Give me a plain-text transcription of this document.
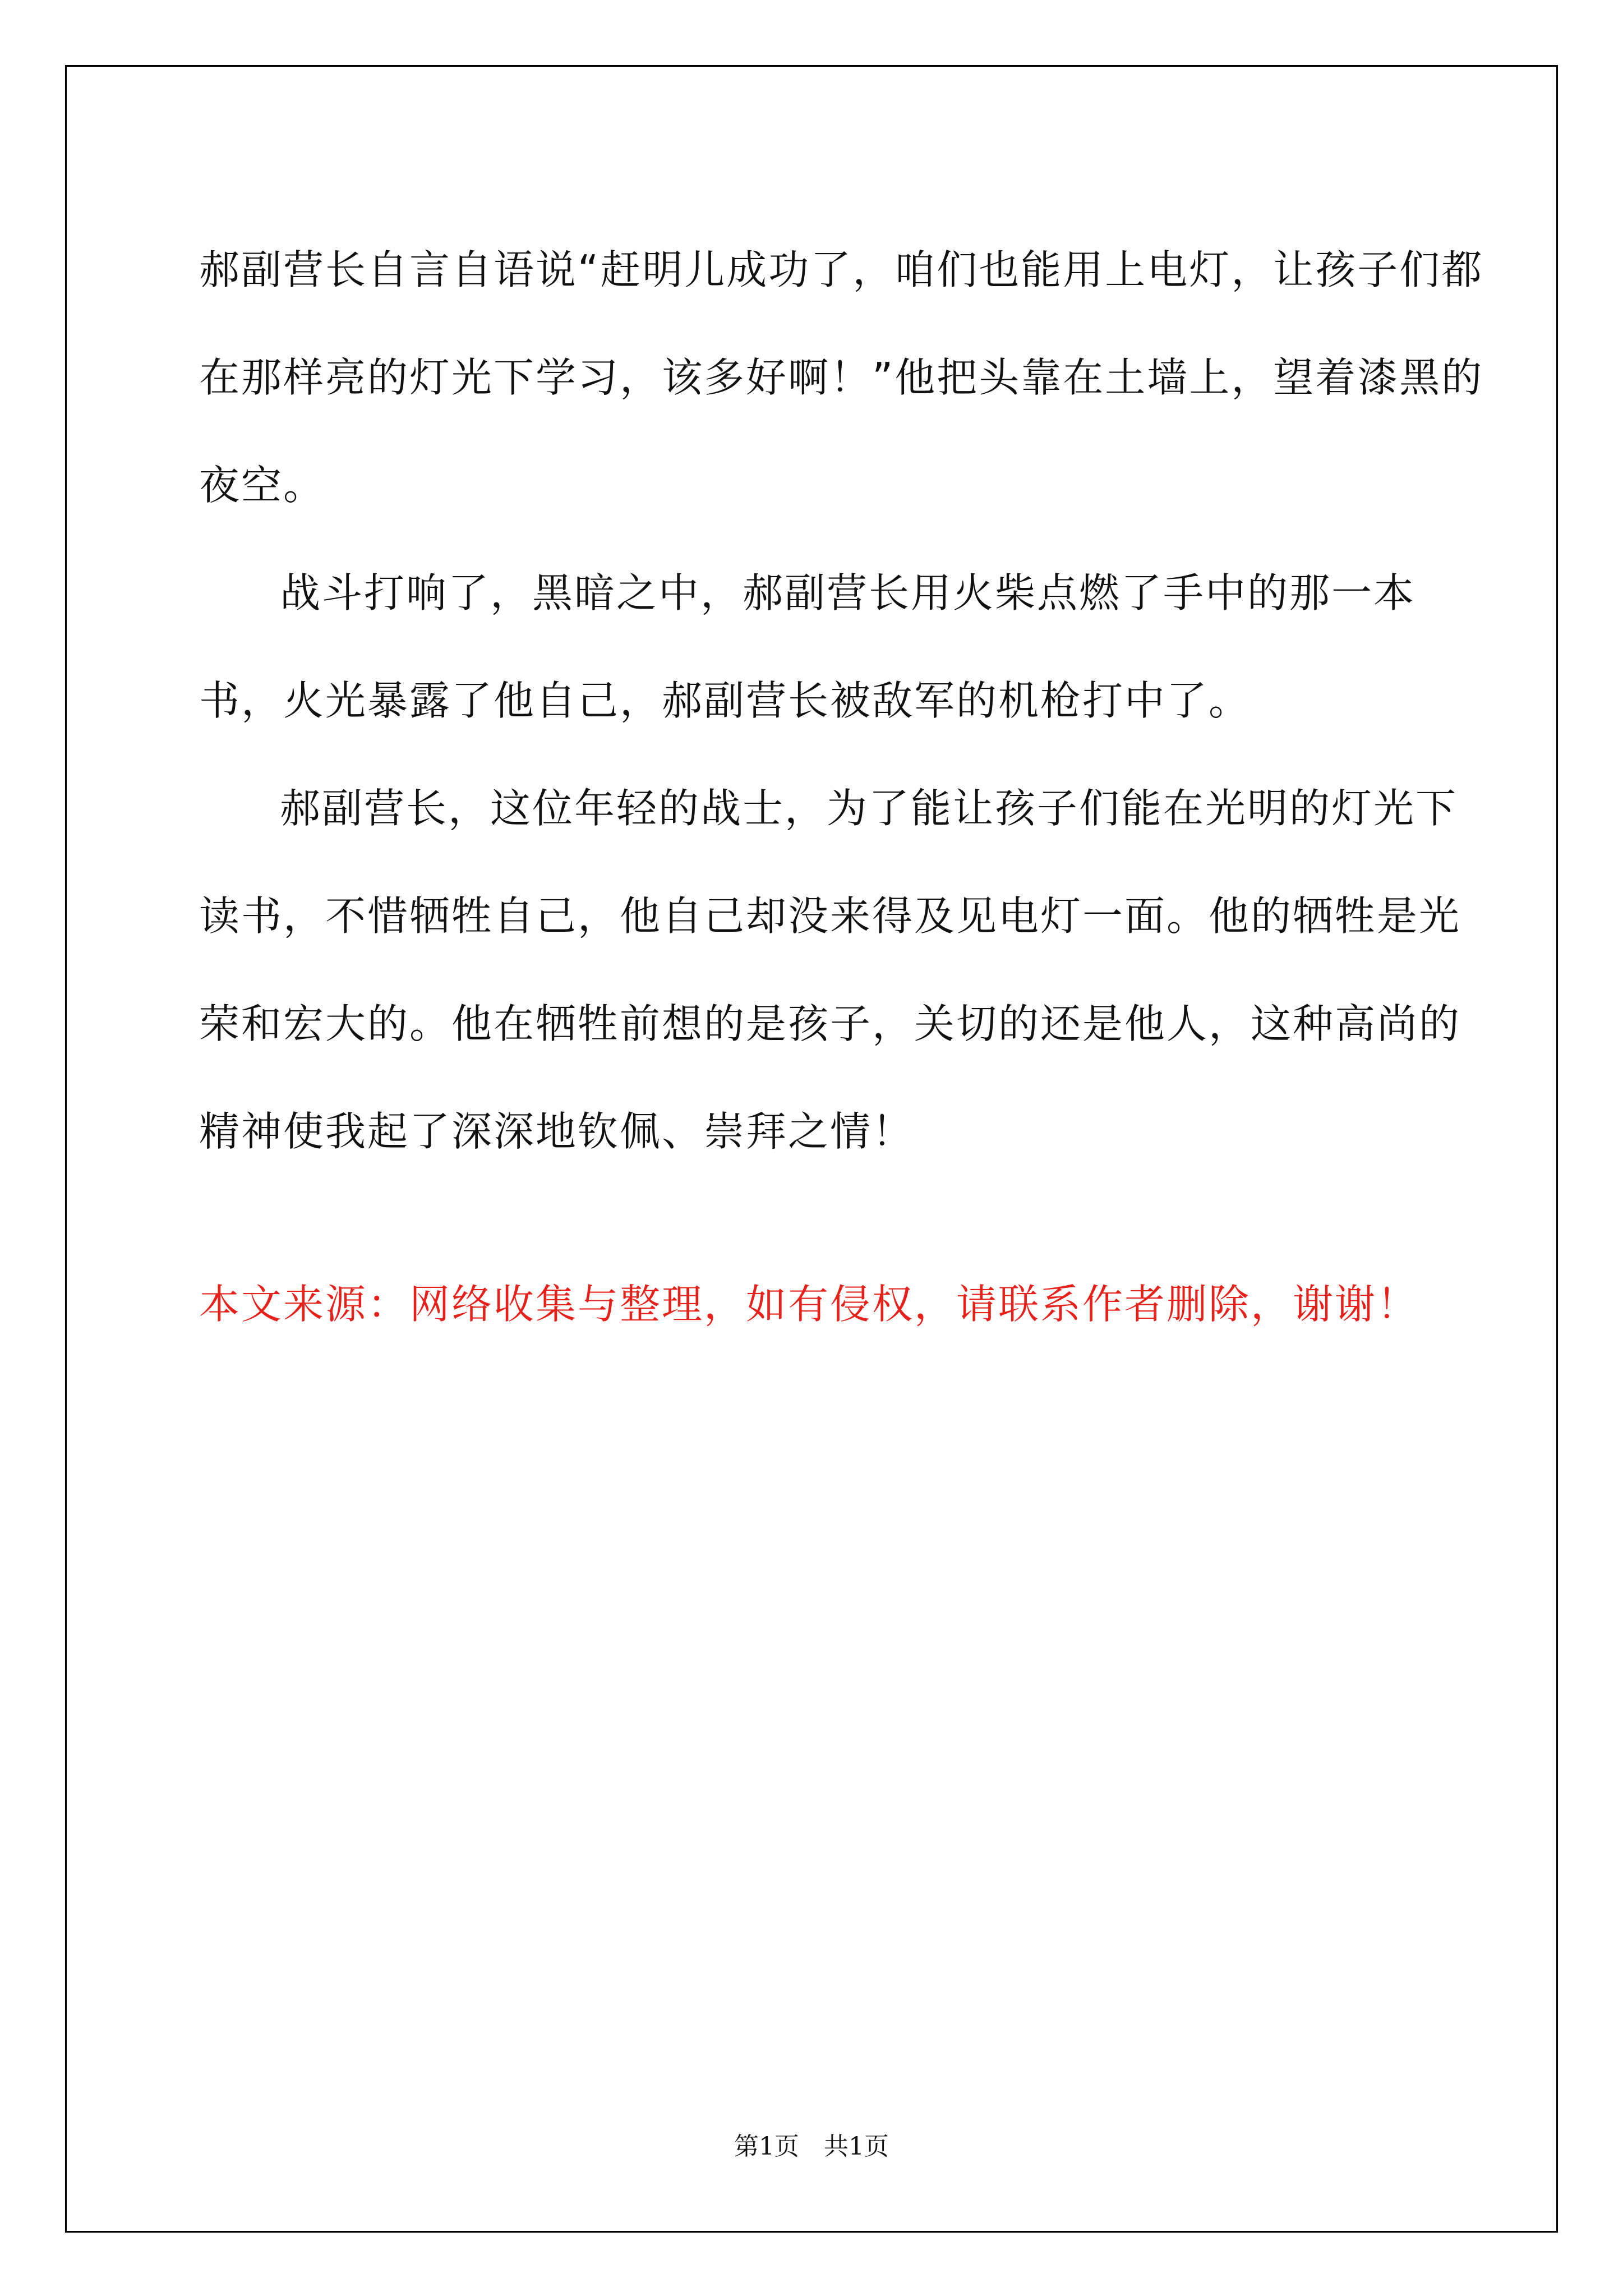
郝副营长自言自语说“赶明儿成功了，咱们也能用上电灯，让孩子们都在那样亮的灯光下学习，该多好啊！”他把头靠在土墙上，望着漆黑的夜空。

战斗打响了，黑暗之中，郝副营长用火柴点燃了手中的那一本书，火光暴露了他自己，郝副营长被敌军的机枪打中了。

郝副营长，这位年轻的战士，为了能让孩子们能在光明的灯光下读书，不惜牺牲自己，他自己却没来得及见电灯一面。他的牺牲是光荣和宏大的。他在牺牲前想的是孩子，关切的还是他人，这种高尚的精神使我起了深深地钦佩、崇拜之情！

本文来源：网络收集与整理，如有侵权，请联系作者删除，谢谢！
第1页 共1页
